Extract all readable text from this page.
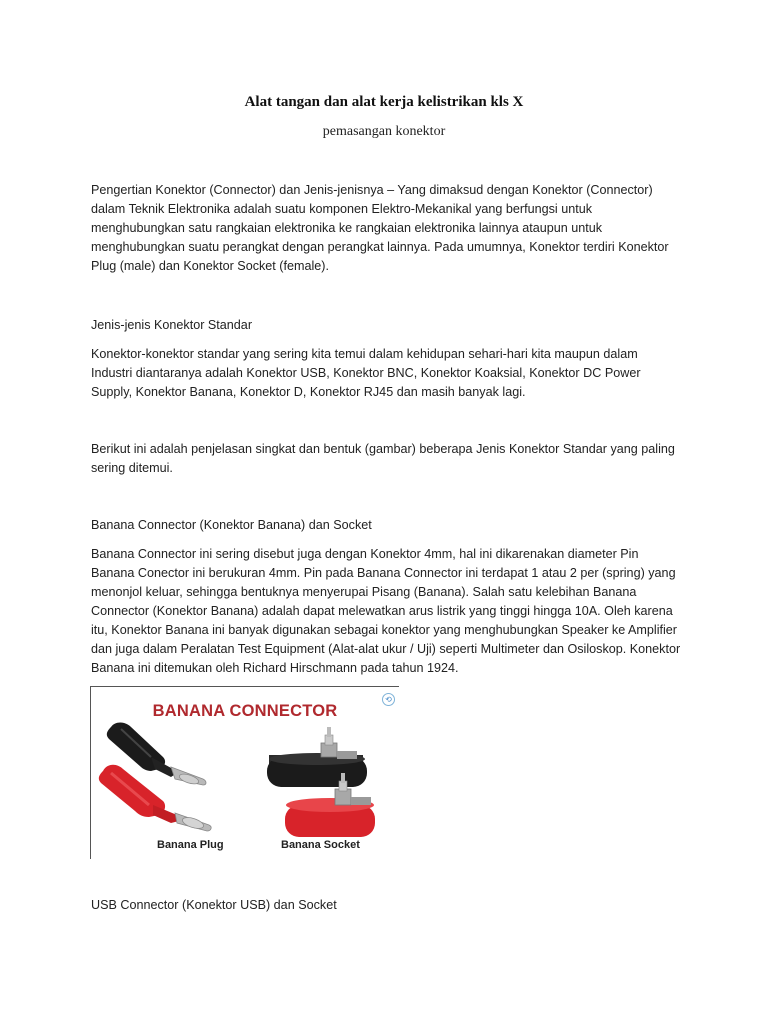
Alat tangan dan alat kerja kelistrikan kls X
pemasangan konektor

Pengertian Konektor (Connector) dan Jenis-jenisnya – Yang dimaksud dengan Konektor (Connector) dalam Teknik Elektronika adalah suatu komponen Elektro-Mekanikal yang berfungsi untuk menghubungkan satu rangkaian elektronika ke rangkaian elektronika lainnya ataupun untuk menghubungkan suatu perangkat dengan perangkat lainnya. Pada umumnya, Konektor terdiri Konektor Plug (male) dan Konektor Socket (female).

Jenis-jenis Konektor Standar

Konektor-konektor standar yang sering kita temui dalam kehidupan sehari-hari kita maupun dalam Industri diantaranya adalah Konektor USB, Konektor BNC, Konektor Koaksial, Konektor DC Power Supply, Konektor Banana, Konektor D, Konektor RJ45 dan masih banyak lagi.

Berikut ini adalah penjelasan singkat dan bentuk (gambar) beberapa Jenis Konektor Standar yang paling sering ditemui.

Banana Connector (Konektor Banana) dan Socket

Banana Connector ini sering disebut juga dengan Konektor 4mm, hal ini dikarenakan diameter Pin Banana Conector ini berukuran 4mm. Pin pada Banana Connector ini terdapat 1 atau 2 per (spring) yang menonjol keluar, sehingga bentuknya menyerupai Pisang (Banana). Salah satu kelebihan Banana Connector (Konektor Banana) adalah dapat melewatkan arus listrik yang tinggi hingga 10A. Oleh karena itu, Konektor Banana ini banyak digunakan sebagai konektor yang menghubungkan Speaker ke Amplifier dan juga dalam Peralatan Test Equipment (Alat-alat ukur / Uji) seperti Multimeter dan Osiloskop. Konektor Banana ini ditemukan oleh Richard Hirschmann pada tahun 1924.

BANANA CONNECTOR
⟲
Banana Plug	Banana Socket

USB Connector (Konektor USB) dan Socket
